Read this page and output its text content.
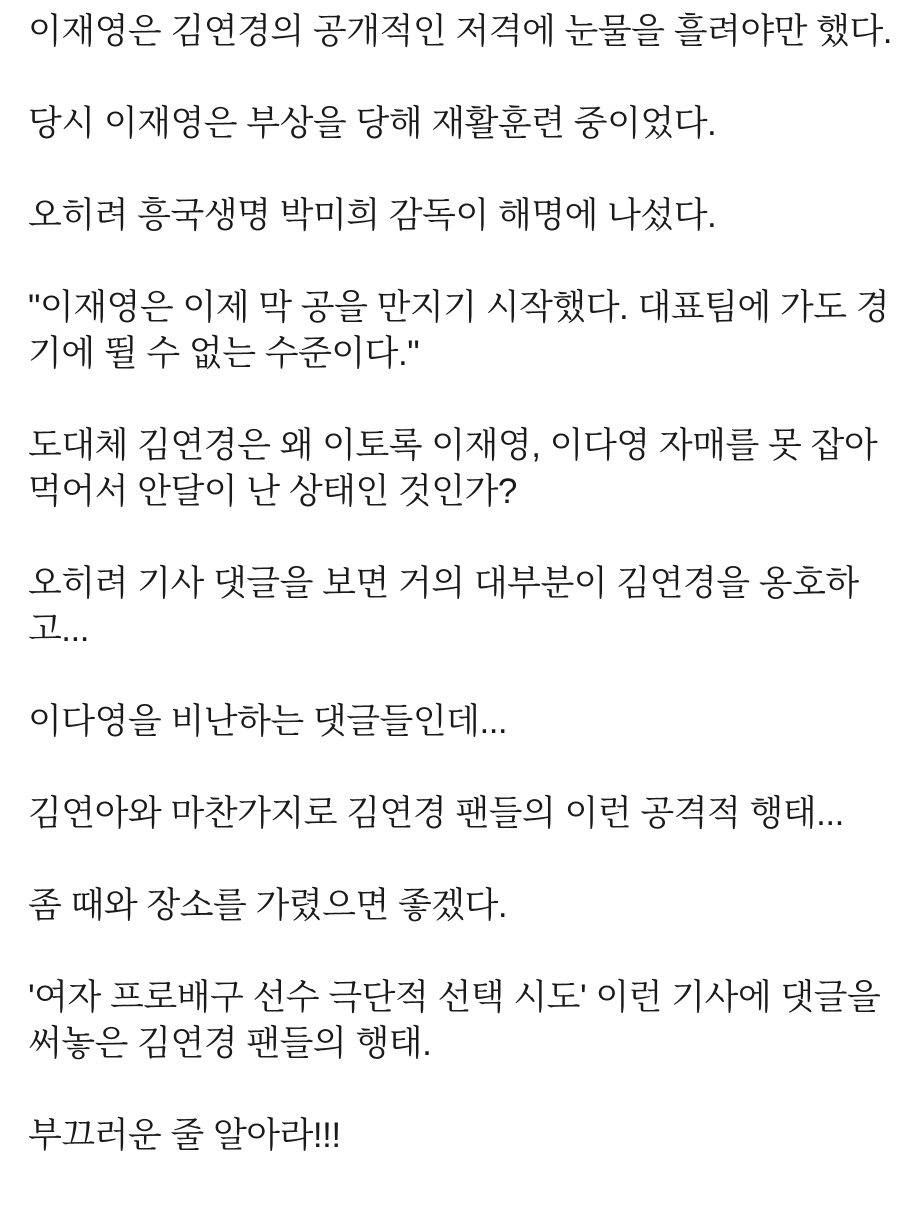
이재영은 김연경의 공개적인 저격에 눈물을 흘려야만 했다.

당시 이재영은 부상을 당해 재활훈련 중이었다.

오히려 흥국생명 박미희 감독이 해명에 나섰다.

"이재영은 이제 막 공을 만지기 시작했다. 대표팀에 가도 경기에 뛸 수 없는 수준이다."

도대체 김연경은 왜 이토록 이재영, 이다영 자매를 못 잡아먹어서 안달이 난 상태인 것인가?

오히려 기사 댓글을 보면 거의 대부분이 김연경을 옹호하고...

이다영을 비난하는 댓글들인데...

김연아와 마찬가지로 김연경 팬들의 이런 공격적 행태...

좀 때와 장소를 가렸으면 좋겠다.

'여자 프로배구 선수 극단적 선택 시도' 이런 기사에 댓글을 써놓은 김연경 팬들의 행태.

부끄러운 줄 알아라!!!
